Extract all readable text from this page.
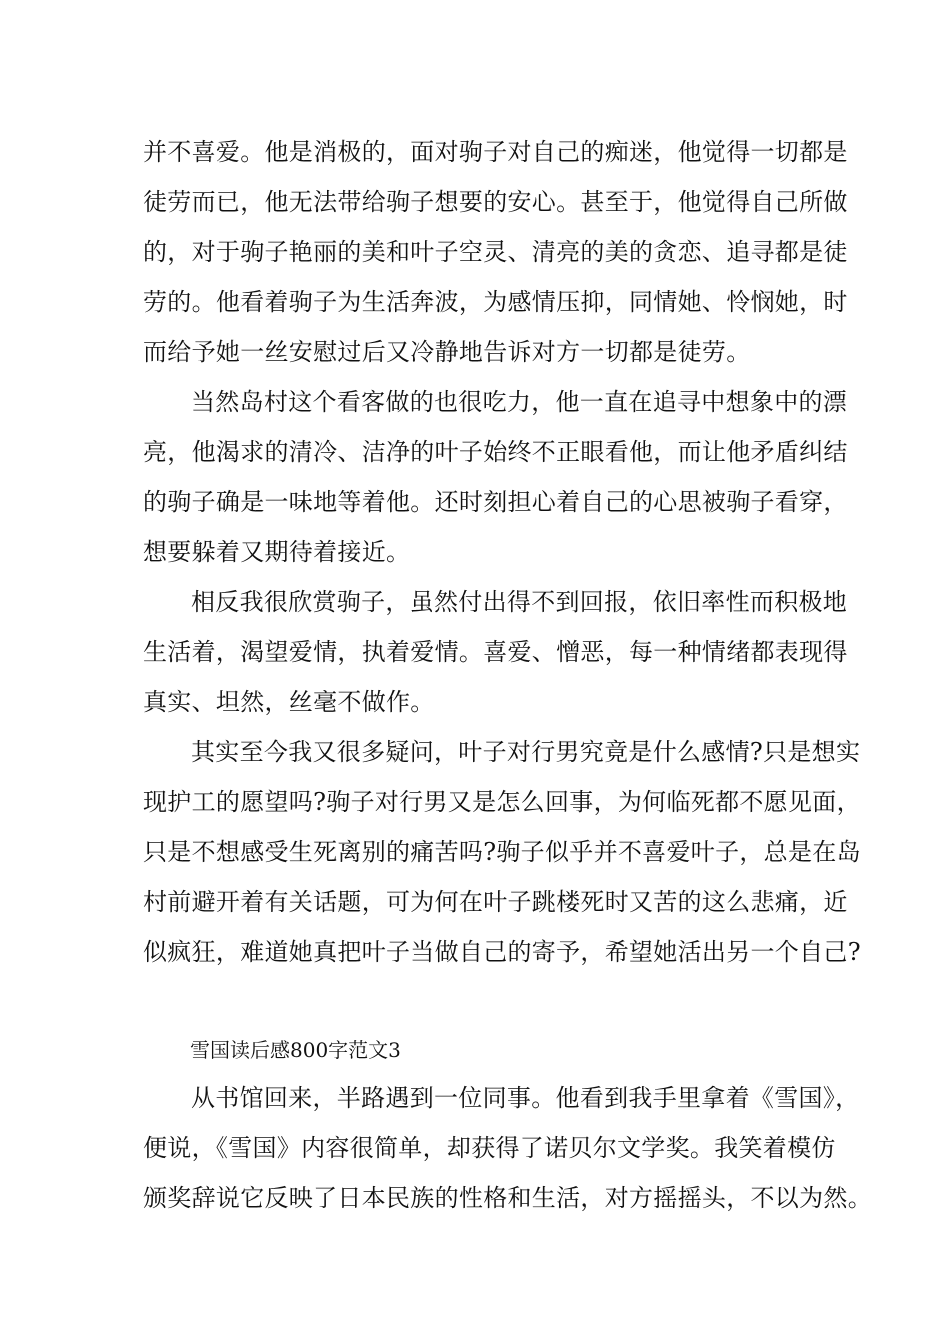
并不喜爱。他是消极的，面对驹子对自己的痴迷，他觉得一切都是
徒劳而已，他无法带给驹子想要的安心。甚至于，他觉得自己所做
的，对于驹子艳丽的美和叶子空灵、清亮的美的贪恋、追寻都是徒
劳的。他看着驹子为生活奔波，为感情压抑，同情她、怜悯她，时
而给予她一丝安慰过后又冷静地告诉对方一切都是徒劳。
当然岛村这个看客做的也很吃力，他一直在追寻中想象中的漂
亮，他渴求的清冷、洁净的叶子始终不正眼看他，而让他矛盾纠结
的驹子确是一味地等着他。还时刻担心着自己的心思被驹子看穿，
想要躲着又期待着接近。
相反我很欣赏驹子，虽然付出得不到回报，依旧率性而积极地
生活着，渴望爱情，执着爱情。喜爱、憎恶，每一种情绪都表现得
真实、坦然，丝毫不做作。
其实至今我又很多疑问，叶子对行男究竟是什么感情?只是想实
现护工的愿望吗?驹子对行男又是怎么回事，为何临死都不愿见面，
只是不想感受生死离别的痛苦吗?驹子似乎并不喜爱叶子，总是在岛
村前避开着有关话题，可为何在叶子跳楼死时又苦的这么悲痛，近
似疯狂，难道她真把叶子当做自己的寄予，希望她活出另一个自己?
雪国读后感800字范文3
从书馆回来，半路遇到一位同事。他看到我手里拿着《雪国》，
便说，《雪国》内容很简单，却获得了诺贝尔文学奖。我笑着模仿
颁奖辞说它反映了日本民族的性格和生活，对方摇摇头，不以为然。
